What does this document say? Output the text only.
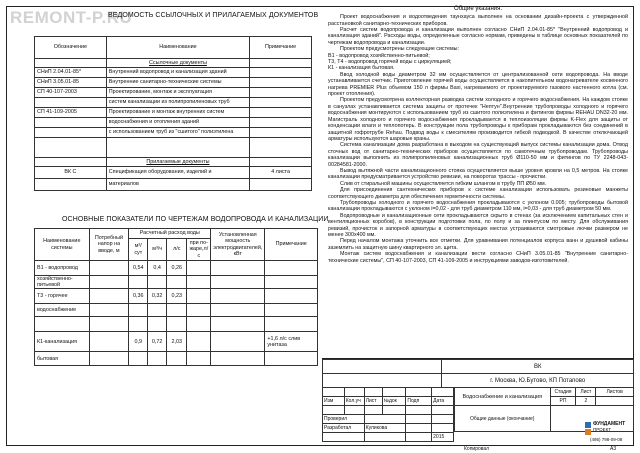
REMONT-P.RU
ВЕДОМОСТЬ ССЫЛОЧНЫХ И ПРИЛАГАЕМЫХ ДОКУМЕНТОВ
Обозначение	Наименование	Примечание
	Ссылочные документы	
СНиП 2.04.01-85*	Внутренний водопровод и канализация зданий	
СНиП 3.05.01-85	Внутренние санитарно-технические системы	
СП 40-107-2003	Проектирование, монтаж и эксплуатация	
	систем канализации из полипропиленовых труб	
СП 41-109-2005	Проектирование и монтаж внутренних систем	
	водоснабжения и отопления зданий	
	с использованием труб из "сшитого" полиэтилена	

	Прилагаемые документы	
ВК С	Спецификация оборудования, изделий и	4 листа
	материалов	
ОСНОВНЫЕ ПОКАЗАТЕЛИ ПО ЧЕРТЕЖАМ ВОДОПРОВОДА И КАНАЛИЗАЦИИ
Наименование системы	Потребный напор на вводе, м	Расчетный расход воды				Установленная мощность электродвигателей, кВт	Примечание
		м³/сут	м³/ч	л/с	при по-жаре,л/с		
В1 - водопровод		0,54	0,4	0,26			
хозяйственно-питьевой							
Т3 - горячее		0,36	0,32	0,23			
водоснабжение							

К1-канализация		0,9	0,72	2,03			+1,6 л/с слив унитаза
бытовая							
Общие указания.

Проект водоснабжения и водоотведения таунхауса выполнен на основании дизайн-проекта с утвержденной расстановкой санитарно-технических приборов.

Расчет систем водопровода и канализации выполнен согласно СНиП 2.04.01-85* "Внутренний водопровод и канализация зданий". Расходы воды, определенные согласно нормам, приведены в таблице основных показателей по чертежам водопровода и канализации.

Проектом предусмотрены следующие системы:

В1 - водопровод хозяйственно-питьевой;

Т3, Т4 - водопровод горячей воды с циркуляцией;

К1 - канализация бытовая.

Ввод холодной воды диаметром 32 мм осуществляется от централизованной сети водопровода. На вводе устанавливается счетчик. Приготовление горячей воды осуществляется в накопительном водонагревателе косвенного нагрева PREMIER Plus объемом 150 л фирмы Baxi, нагреваемого от проектируемого газового настенного котла (см. проект отопления).

Проектом предусмотрена коллекторная разводка систем холодного и горячего водоснабжения. На каждом стояке в санузлах устанавливается система защиты от протечек "Нептун".Внутренние трубопроводы холодного и горячего водоснабжения монтируются с использованием труб из сшитого полиэтилена и фитингов фирмы REHAU DN32-20 мм. Магистраль холодного и горячего водоснабжения прокладывается в теплоизоляции фирмы K-Flex для защиты от конденсации влаги и теплопотерь. В конструкции пола трубопроводы к приборам прокладываются без соединений в защитной гофротрубе Rehau. Подвод воды к смесителям производится гибкой подводкой. В качестве отключающей арматуры используются шаровые краны.

Система канализации дома разработана в выходом на существующий выпуск системы канализации дома. Отвод сточных вод от санитарно-технических приборов осуществляется по самотечным трубопроводам. Трубопроводы канализации выполнить из полипропиленовых канализационных труб Ø110-50 мм и фитингов по ТУ 2248-043-00284581-2000.

Вывод вытяжной части канализационного стояка осуществляется выше уровня кровли на 0,5 метров. На стояке канализации предусматривается устройство ревизии, на поворотах трассы - прочистки.

Слив от стиральной машины осуществляется гибким шлангом в трубу ПП Ø50 мм.

Для присоединения сантехнических приборов к системе канализации использовать резиновые манжеты соответствующего диаметра для обеспечения герметичности системы.

Трубопроводы холодного и горячего водоснабжения прокладываются с уклоном 0.005; трубопроводы бытовой канализации прокладываются с уклоном i=0,02 - для труб диаметром 110 мм, i=0,03 - для труб диаметром 50 мм.

Водопроводные и канализационные сети прокладываются скрыто в стенах (за исключением капитальных стен и вентиляционных коробов), в конструкции подготовки пола, по полу и за плинтусом по месту. Для обслуживания ревизий, прочисток и запорной арматуры в соответствующих местах устраиваются смотровые лючки размером не менее 300х400 мм.

Перед началом монтажа уточнить все отметки. Для уравнивания потенциалов корпуса ванн и душевой кабины заземлить на защитную шину квартирного эл. щита.

Монтаж систем водоснабжения и канализации вести согласно СНиП 3.05.01-85 "Внутренние санитарно-технические системы", СП 40-107-2003, СП 41-109-2005 и инструкциями заводов-изготовителей.

	ВК
	г. Москва, Ю.Бутово, КП Потапово

Изм	Кол.уч	Лист	№док	Подп	Дата

Проверил					
Разработал		Куликова			
					2015
Водоснабжение и канализация	Стадия	Лист	Листов
	РП	2	
Общие данные (окончание)			
ФУНДАМЕНТ
ПРОЕКТ
(495) 798-09-08
Копировал	А3
